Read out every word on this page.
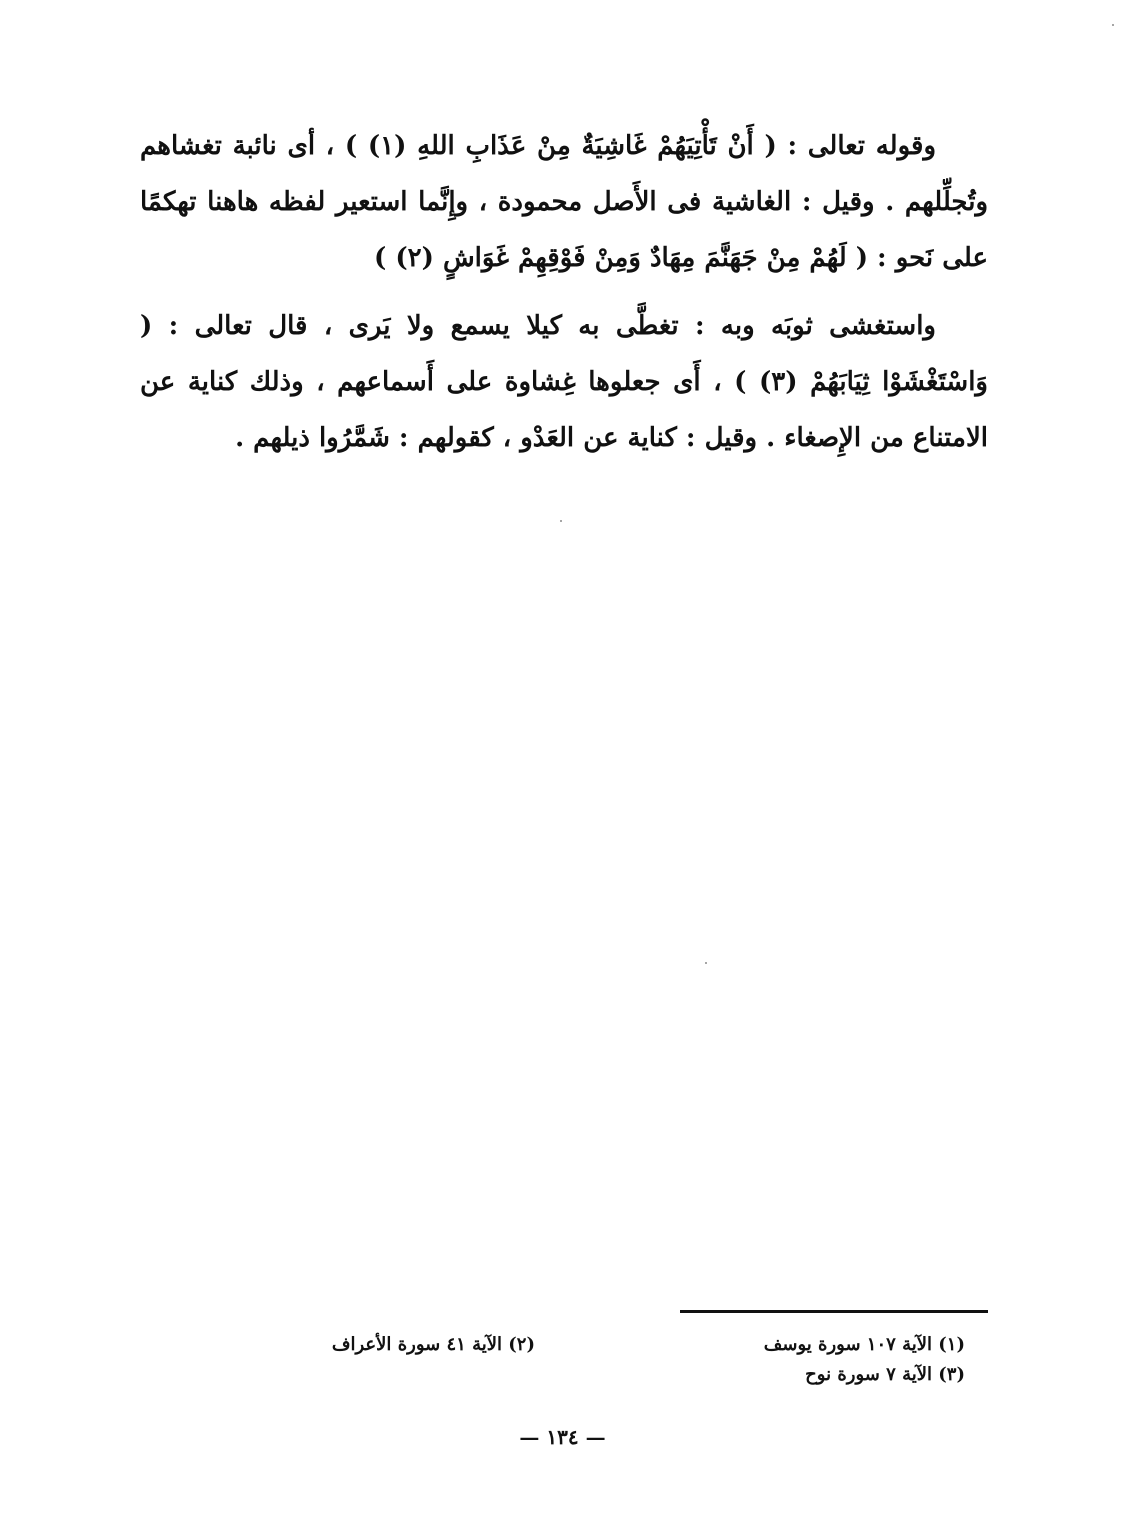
وقوله تعالى : ( أَنْ تَأْتِيَهُمْ غَاشِيَةٌ مِنْ عَذَابِ اللهِ (١) ) ، أى نائبة تغشاهم وتُجلِّلهم . وقيل : الغاشية فى الأَصل محمودة ، وإِنَّما استعير لفظه هاهنا تهكمًا على نَحو : ( لَهُمْ مِنْ جَهَنَّمَ مِهَادٌ وَمِنْ فَوْقِهِمْ غَوَاشٍ (٢) )

واستغشى ثوبَه وبه : تغطَّى به كيلا يسمع ولا يَرى ، قال تعالى : ( وَاسْتَغْشَوْا ثِيَابَهُمْ (٣) ) ، أَى جعلوها غِشاوة على أَسماعهم ، وذلك كناية عن الامتناع من الإِصغاء . وقيل : كناية عن العَدْو ، كقولهم : شَمَّرُوا ذيلهم .

(١) الآية ١٠٧ سورة يوسف
(٣) الآية ٧ سورة نوح
(٢) الآية ٤١ سورة الأعراف
— ١٣٤ —
